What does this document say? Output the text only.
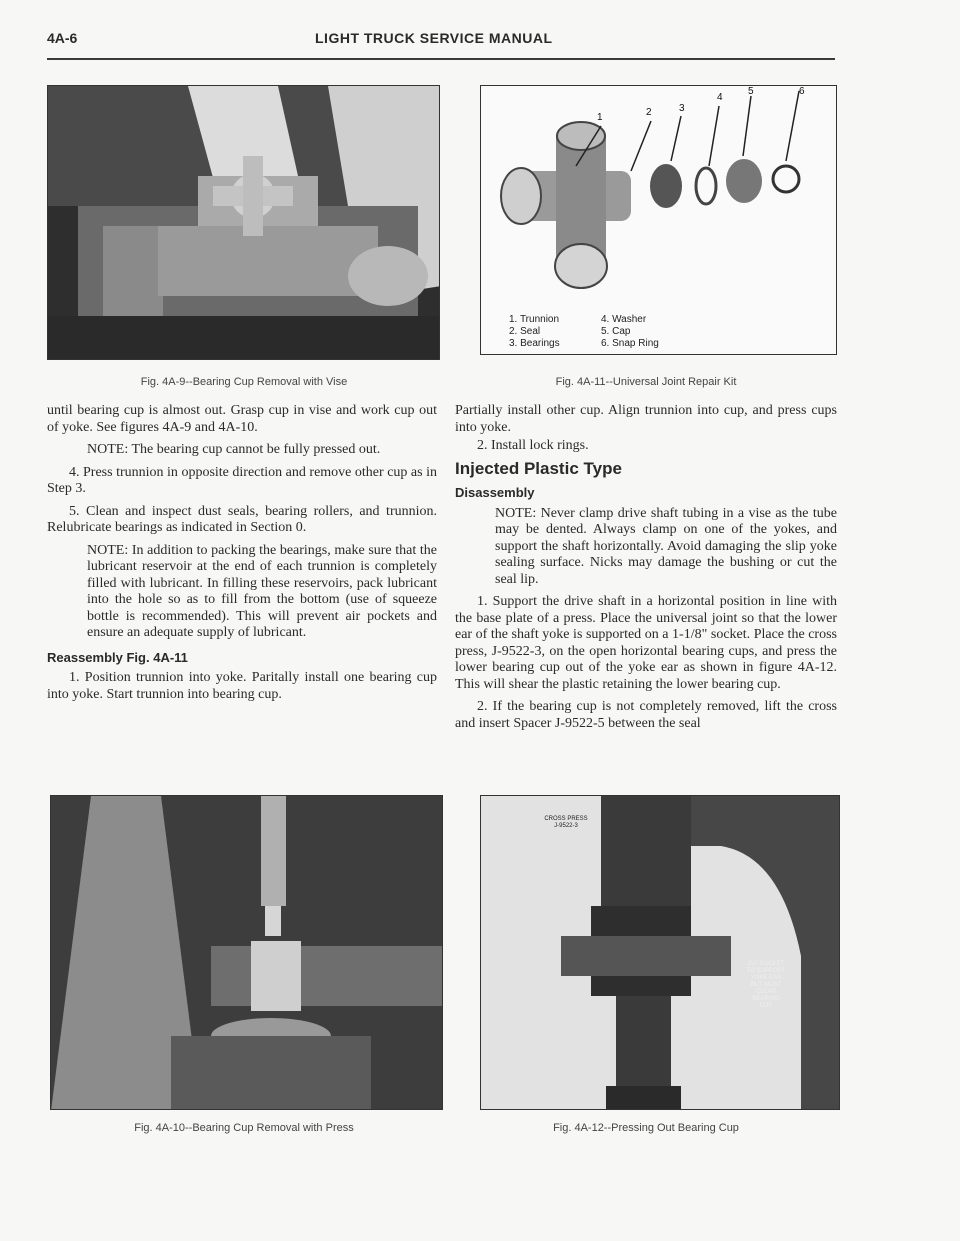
4A-6	LIGHT TRUCK SERVICE MANUAL
Fig. 4A-9--Bearing Cup Removal with Vise

until bearing cup is almost out. Grasp cup in vise and work cup out of yoke. See figures 4A-9 and 4A-10.

NOTE: The bearing cup cannot be fully pressed out.

4. Press trunnion in opposite direction and remove other cup as in Step 3.

5. Clean and inspect dust seals, bearing rollers, and trunnion. Relubricate bearings as indicated in Section 0.

NOTE: In addition to packing the bearings, make sure that the lubricant reservoir at the end of each trunnion is completely filled with lubricant. In filling these reservoirs, pack lubricant into the hole so as to fill from the bottom (use of squeeze bottle is recommended). This will prevent air pockets and ensure an adequate supply of lubricant.

Reassembly Fig. 4A-11

1. Position trunnion into yoke. Paritally install one bearing cup into yoke. Start trunnion into bearing cup.

Fig. 4A-10--Bearing Cup Removal with Press
1	2	3
4
5	6
1. Trunnion
2. Seal
3. Bearings
4. Washer
5. Cap
6. Snap Ring
Fig. 4A-11--Universal Joint Repair Kit

Partially install other cup. Align trunnion into cup, and press cups into yoke.

2. Install lock rings.

Injected Plastic Type

Disassembly

NOTE: Never clamp drive shaft tubing in a vise as the tube may be dented. Always clamp on one of the yokes, and support the shaft horizontally. Avoid damaging the slip yoke sealing surface. Nicks may damage the bushing or cut the seal lip.

1. Support the drive shaft in a horizontal position in line with the base plate of a press. Place the universal joint so that the lower ear of the shaft yoke is supported on a 1-1/8" socket. Place the cross press, J-9522-3, on the open horizontal bearing cups, and press the lower bearing cup out of the yoke ear as shown in figure 4A-12. This will shear the plastic retaining the lower bearing cup.

2. If the bearing cup is not completely removed, lift the cross and insert Spacer J-9522-5 between the seal

CROSS PRESS
J-9522-3
1¼" SOCKET
TO SUPPORT
YOKE EAR
BUT MUST
CLEAR
BEARING
CUP
Fig. 4A-12--Pressing Out Bearing Cup
